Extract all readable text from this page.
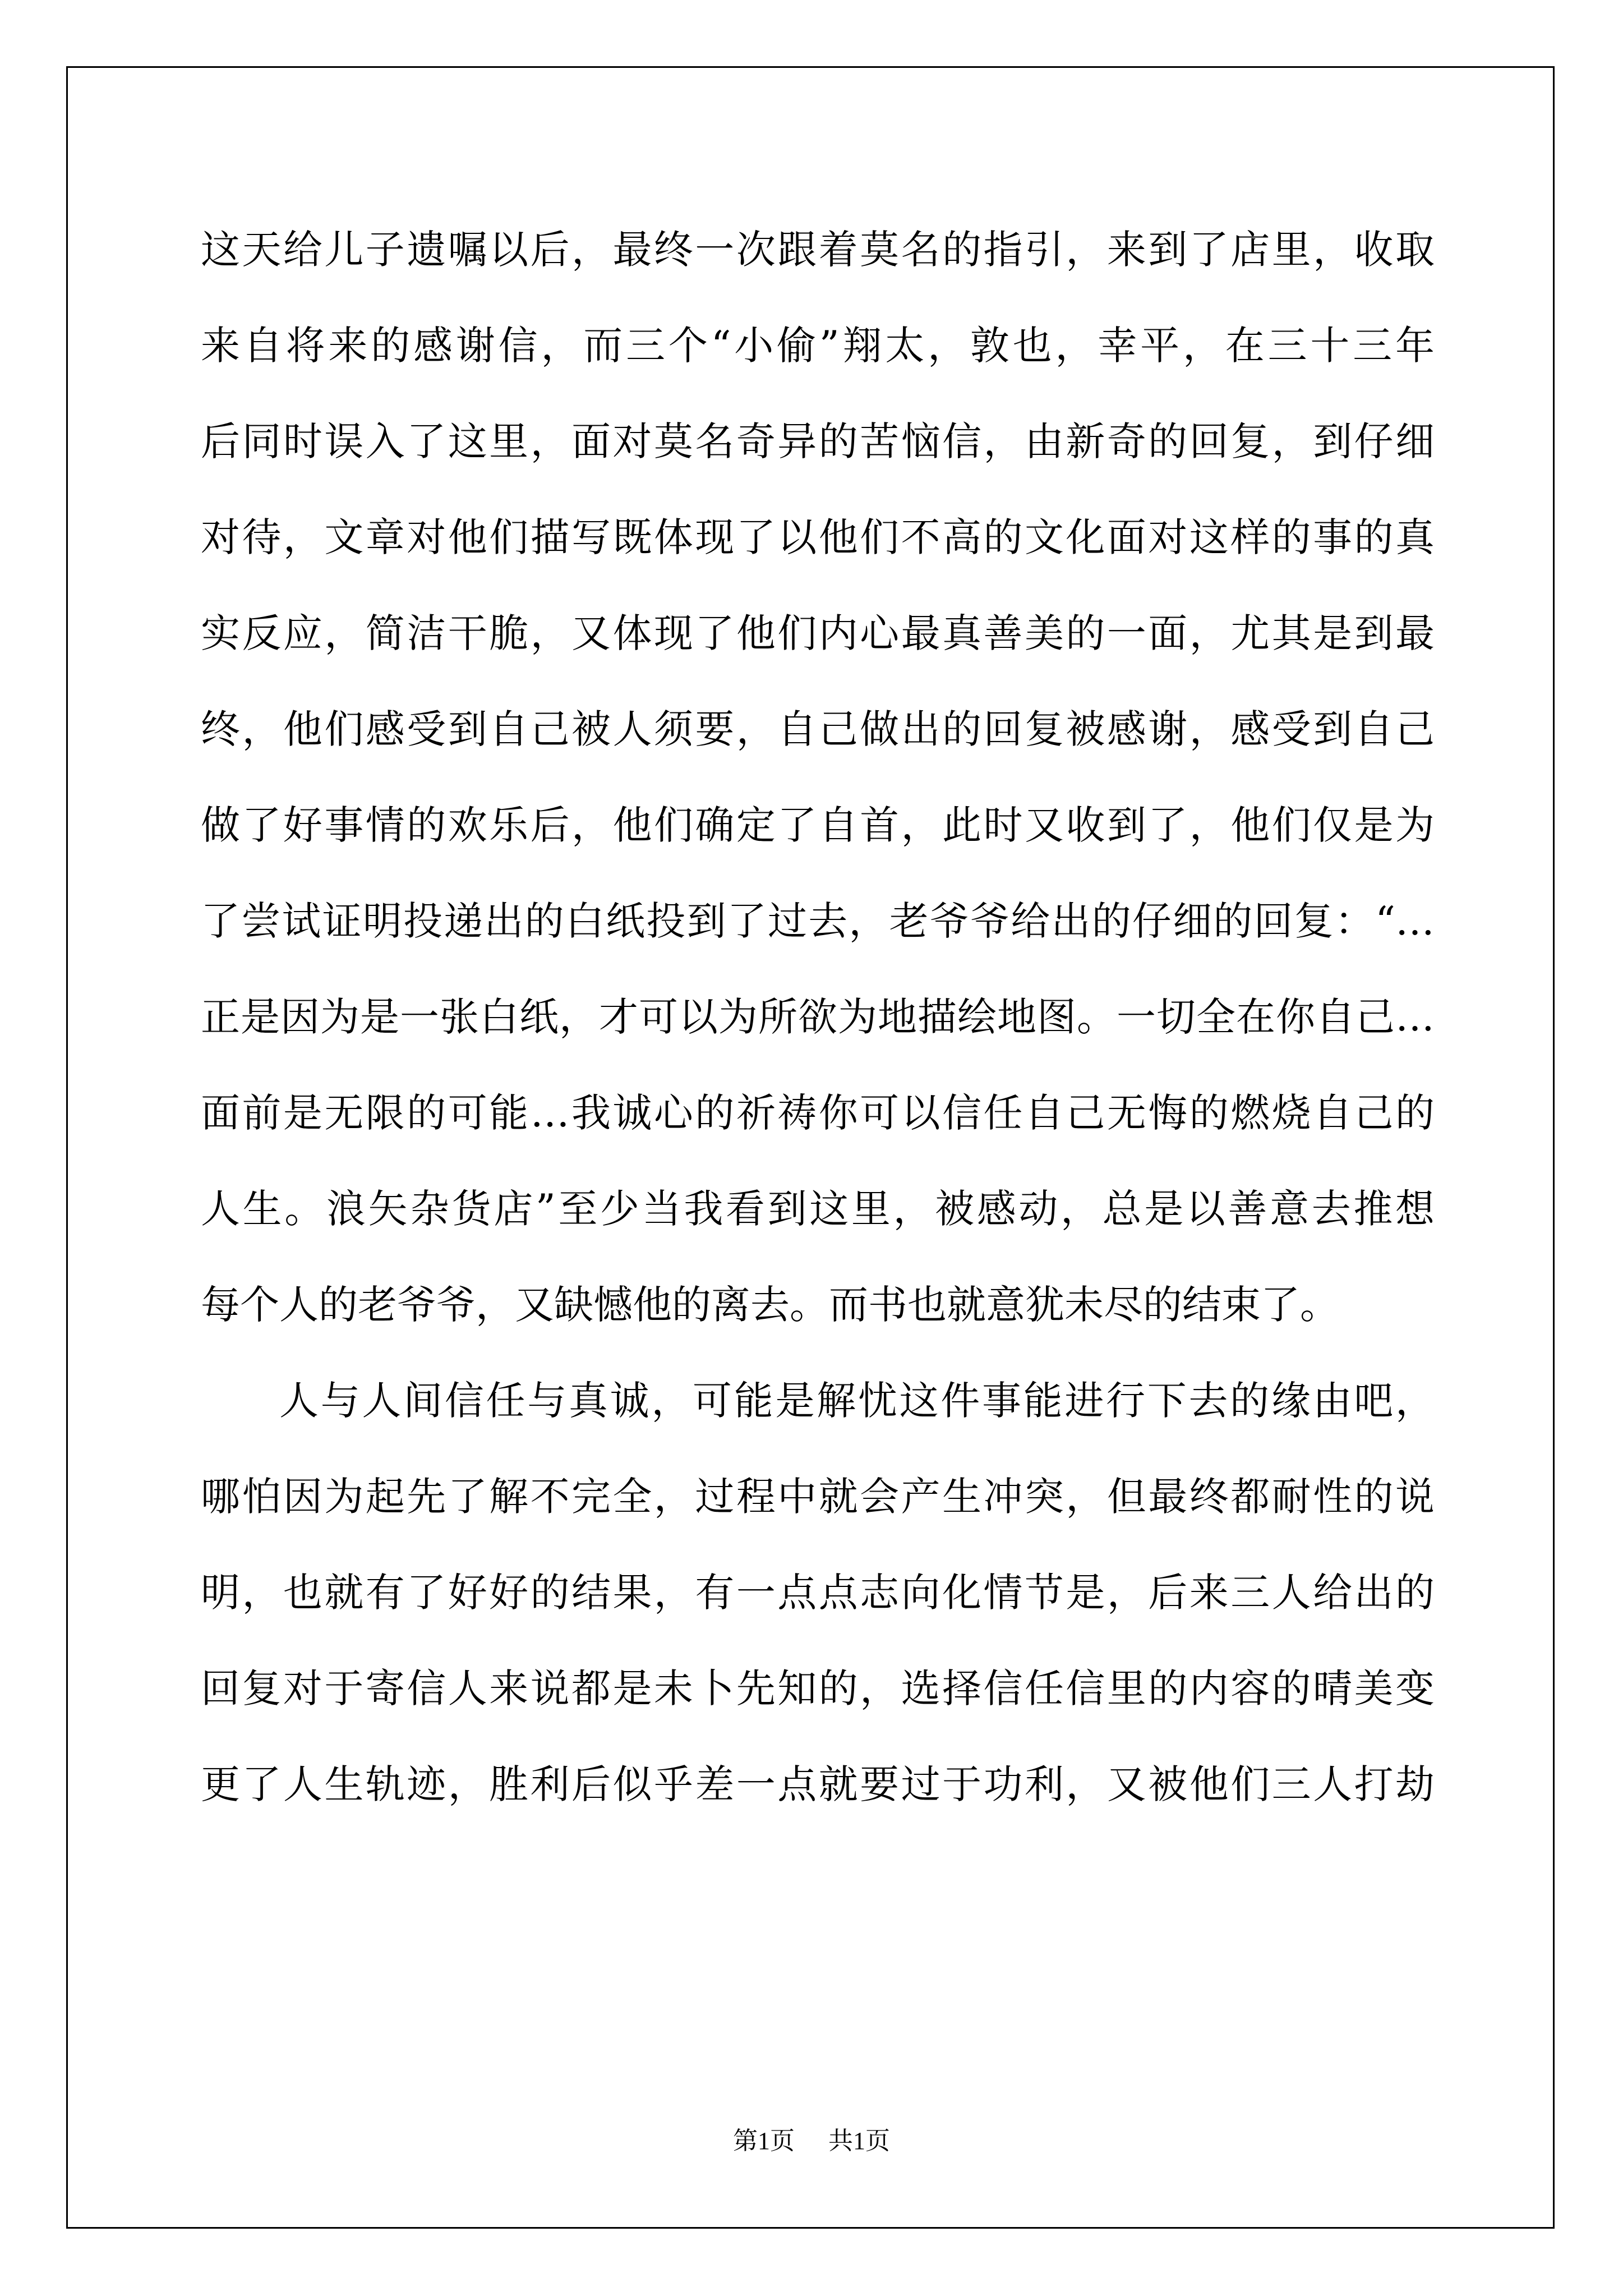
这天给儿子遗嘱以后，最终一次跟着莫名的指引，来到了店里，收取
来自将来的感谢信，而三个“小偷”翔太，敦也，幸平，在三十三年
后同时误入了这里，面对莫名奇异的苦恼信，由新奇的回复，到仔细
对待，文章对他们描写既体现了以他们不高的文化面对这样的事的真
实反应，简洁干脆，又体现了他们内心最真善美的一面，尤其是到最
终，他们感受到自己被人须要，自己做出的回复被感谢，感受到自己
做了好事情的欢乐后，他们确定了自首，此时又收到了，他们仅是为
了尝试证明投递出的白纸投到了过去，老爷爷给出的仔细的回复：“…
正是因为是一张白纸，才可以为所欲为地描绘地图。一切全在你自己…
面前是无限的可能…我诚心的祈祷你可以信任自己无悔的燃烧自己的
人生。浪矢杂货店”至少当我看到这里，被感动，总是以善意去推想
每个人的老爷爷，又缺憾他的离去。而书也就意犹未尽的结束了。
人与人间信任与真诚，可能是解忧这件事能进行下去的缘由吧，
哪怕因为起先了解不完全，过程中就会产生冲突，但最终都耐性的说
明，也就有了好好的结果，有一点点志向化情节是，后来三人给出的
回复对于寄信人来说都是未卜先知的，选择信任信里的内容的晴美变
更了人生轨迹，胜利后似乎差一点就要过于功利，又被他们三人打劫
第1页 共1页
